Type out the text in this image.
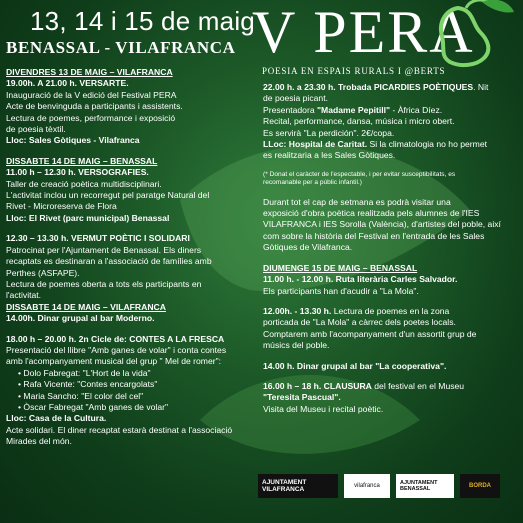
13, 14 i 15 de maig
BENASSAL - VILAFRANCA V PERA
POESIA EN ESPAIS RURALS I @BERTS

DIVENDRES 13 DE MAIG – VILAFRANCA

19.00h. A 21.00 h. VERSARTE.

Inauguració de la V edició del Festival PERA

Acte de benvinguda a participants i assistents.

Lectura de poemes, performance i exposició

de poesia tèxtil.

Lloc: Sales Gòtiques - Vilafranca

DISSABTE 14 DE MAIG – BENASSAL

11.00 h – 12.30 h. VERSOGRAFIES.

Taller de creació poètica multidisciplinari.

L'activitat inclou un recorregut pel paratge Natural del

Rivet - Microreserva de Flora

Lloc: El Rivet (parc municipal) Benassal

12.30 – 13.30 h. VERMUT POÈTIC I SOLIDARI

Patrocinat per l'Ajuntament de Benassal. Els diners

recaptats es destinaran a l'associació de famílies amb

Perthes (ASFAPE).

Lectura de poemes oberta a tots els participants en

l'activitat.

DISSABTE 14 DE MAIG – VILAFRANCA

14.00h. Dinar grupal al bar Moderno.

18.00 h – 20.00 h. 2n Cicle de: CONTES A LA FRESCA

Presentació del llibre "Amb ganes de volar" i conta contes

amb l'acompanyament musical del grup " Mel de romer":

• Dolo Fabregat: "L'Hort de la vida"

• Rafa Vicente: "Contes encargolats"

• Maria Sancho: "El color del cel"

• Òscar Fabregat "Amb ganes de volar"

Lloc: Casa de la Cultura.

Acte solidari. El diner recaptat estarà destinat a l'associació

Mirades del món.

22.00 h. a 23.30 h. Trobada PICARDIES POÈTIQUES. Nit

de poesia picant.

Presentadora "Madame Pepitill" - Àfrica Díez.

Recital, performance, dansa, música i micro obert.

Es servirà "La perdición". 2€/copa.

LLoc: Hospital de Caritat. Si la climatologia no ho permet

es realitzaria a les Sales Gòtiques.

(* Donat el caràcter de l'espectable, i per evitar susceptibilitats, es

recomanable per a públic infantil.)

Durant tot el cap de setmana es podrà visitar una

exposició d'obra poètica realitzada pels alumnes de l'IES

VILAFRANCA i IES Sorolla (València), d'artistes del poble, així

com sobre la història del Festival en l'entrada de les Sales

Gòtiques de Vilafranca.

DIUMENGE 15 DE MAIG – BENASSAL

11.00 h. - 12.00 h. Ruta literària Carles Salvador.

Els participants han d'acudir a "La Mola".

12.00h. - 13.30 h. Lectura de poemes en la zona

porticada de "La Mola" a càrrec dels poetes locals.

Comptarem amb l'acompanyament d'un assortit grup de

músics del poble.

14.00 h. Dinar grupal al bar "La cooperativa".

16.00 h – 18 h. CLAUSURA del festival en el Museu

"Teresita Pascual".

Visita del Museu i recital poètic.

AJUNTAMENT VILAFRANCA	vilafranca	AJUNTAMENT BENASSAL	BORDA
